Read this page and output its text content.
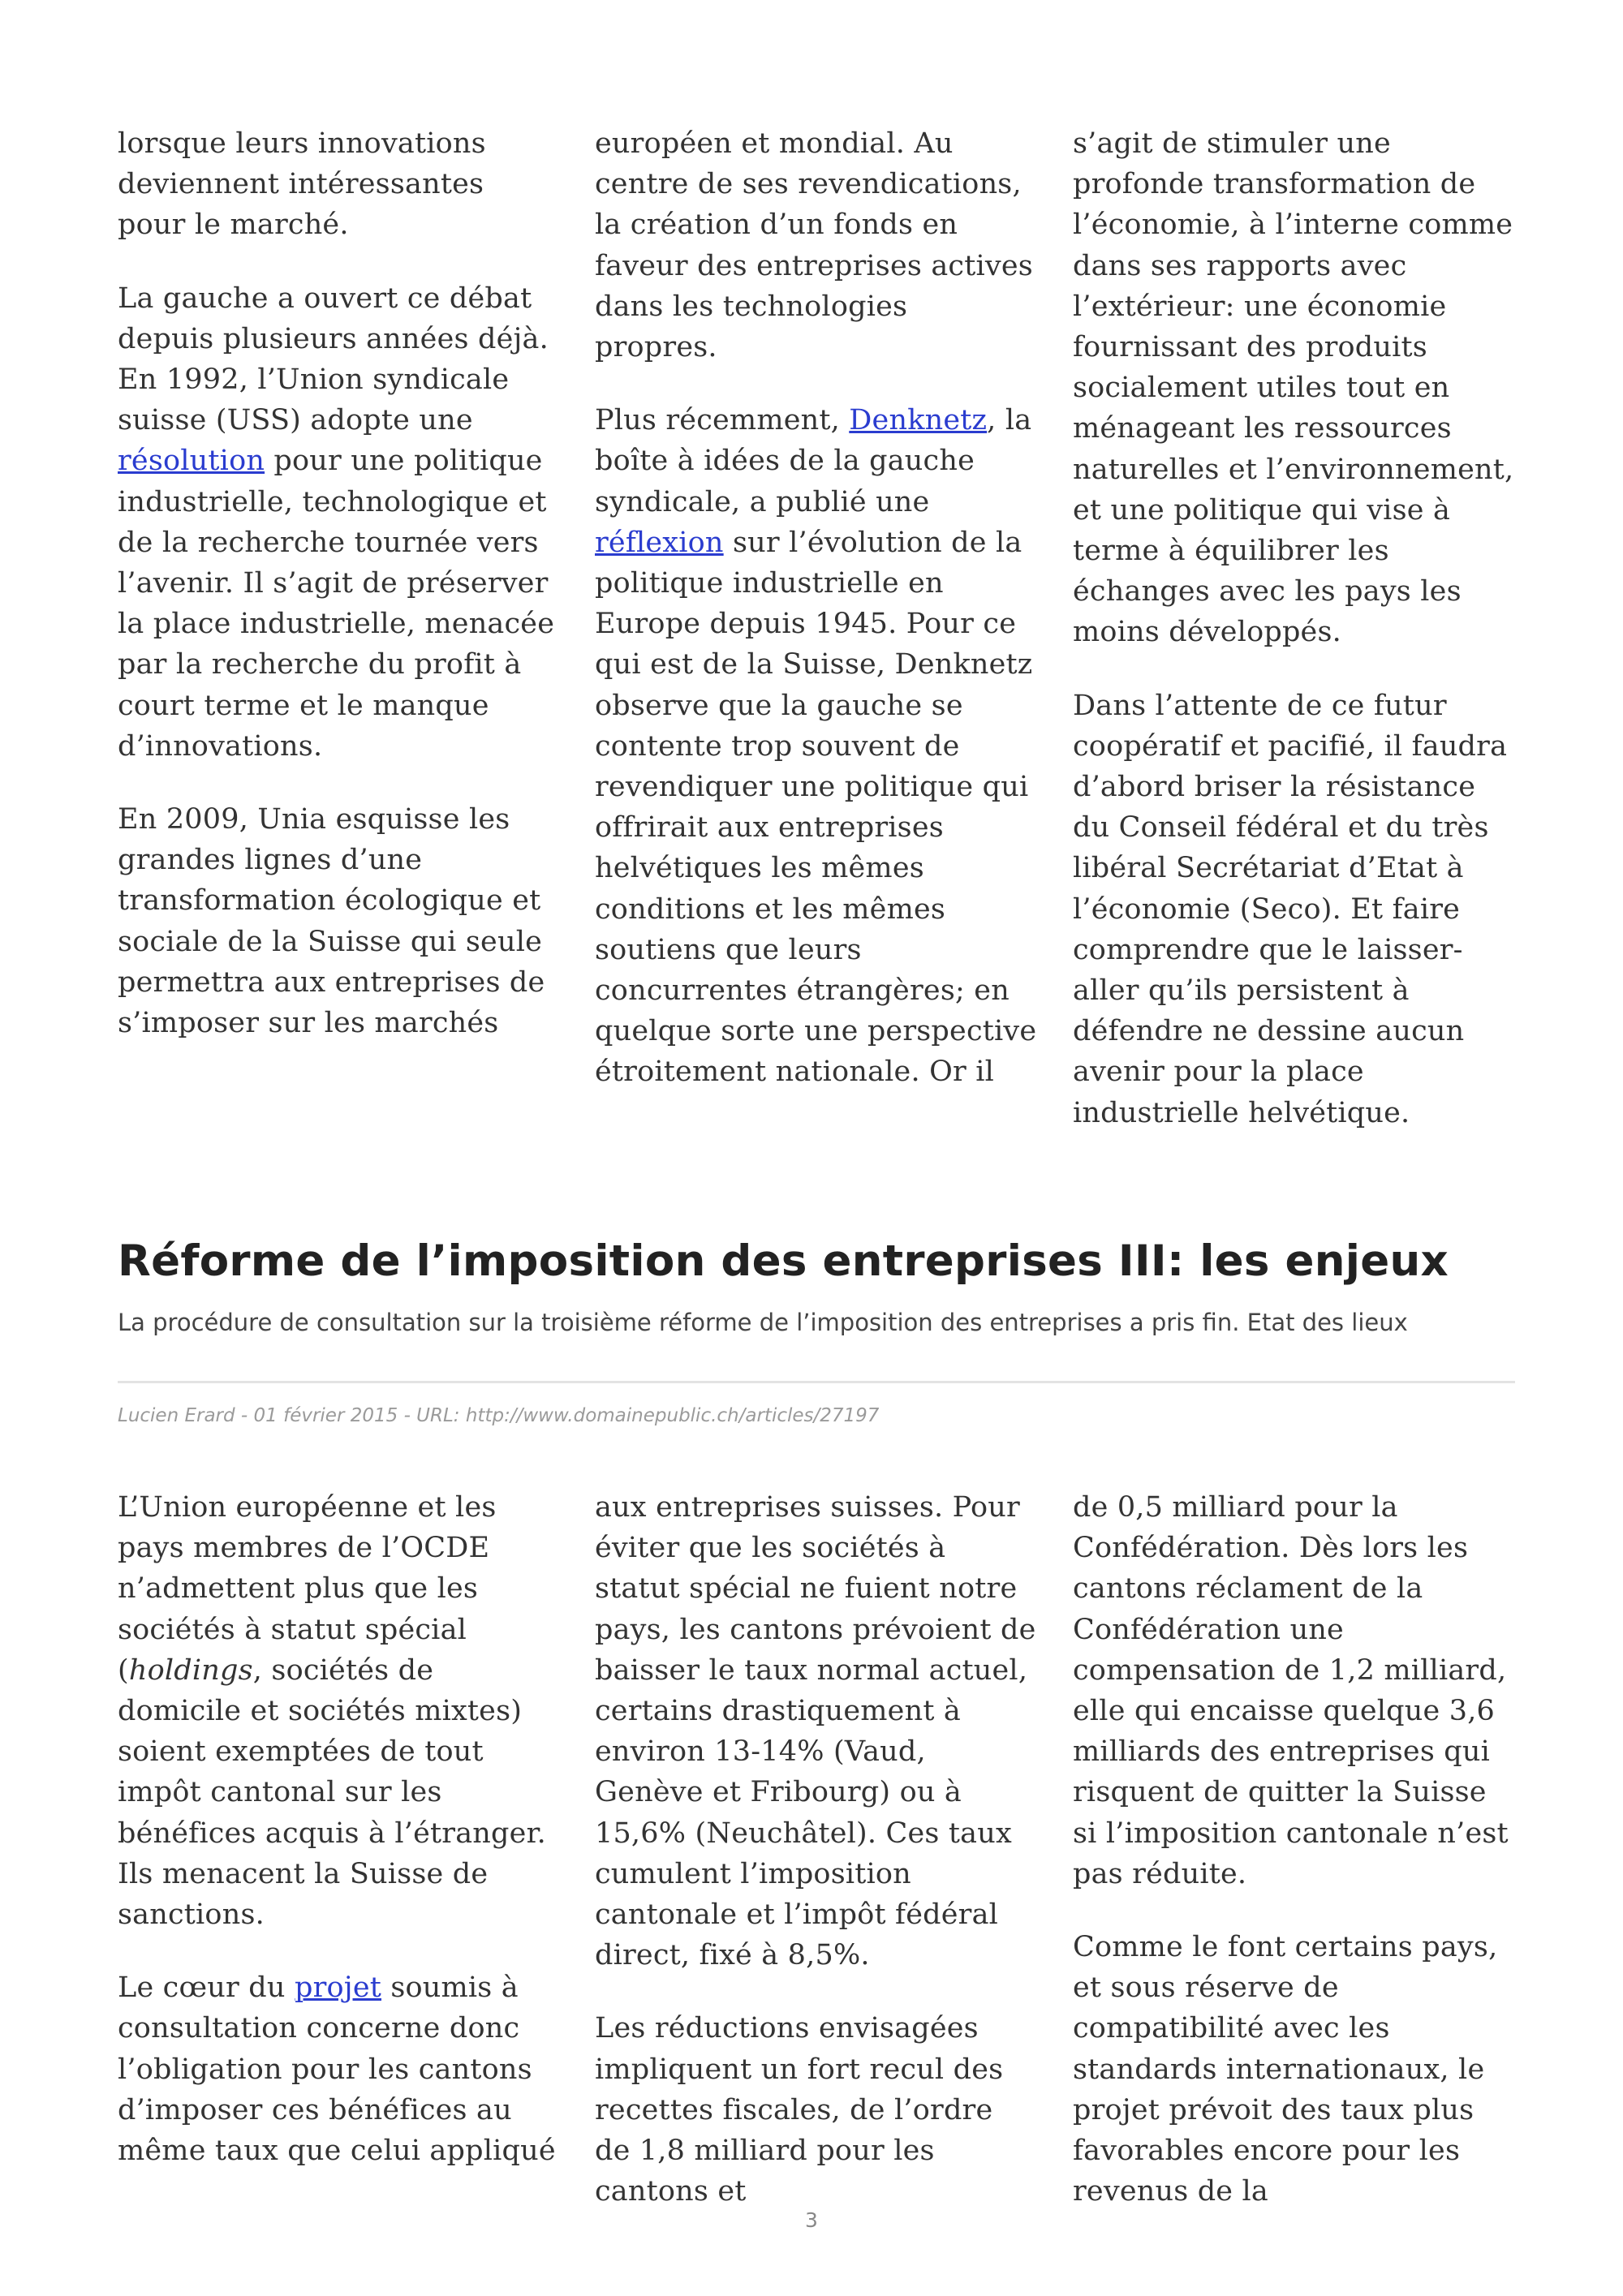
lorsque leurs innovations deviennent intéressantes pour le marché.

La gauche a ouvert ce débat depuis plusieurs années déjà. En 1992, l’Union syndicale suisse (USS) adopte une résolution pour une politique industrielle, technologique et de la recherche tournée vers l’avenir. Il s’agit de préserver la place industrielle, menacée par la recherche du profit à court terme et le manque d’innovations.

En 2009, Unia esquisse les grandes lignes d’une transformation écologique et sociale de la Suisse qui seule permettra aux entreprises de s’imposer sur les marchés

européen et mondial. Au centre de ses revendications, la création d’un fonds en faveur des entreprises actives dans les technologies propres.

Plus récemment, Denknetz, la boîte à idées de la gauche syndicale, a publié une réflexion sur l’évolution de la politique industrielle en Europe depuis 1945. Pour ce qui est de la Suisse, Denknetz observe que la gauche se contente trop souvent de revendiquer une politique qui offrirait aux entreprises helvétiques les mêmes conditions et les mêmes soutiens que leurs concurrentes étrangères; en quelque sorte une perspective étroitement nationale. Or il

s’agit de stimuler une profonde transformation de l’économie, à l’interne comme dans ses rapports avec l’extérieur: une économie fournissant des produits socialement utiles tout en ménageant les ressources naturelles et l’environnement, et une politique qui vise à terme à équilibrer les échanges avec les pays les moins développés.

Dans l’attente de ce futur coopératif et pacifié, il faudra d’abord briser la résistance du Conseil fédéral et du très libéral Secrétariat d’Etat à l’économie (Seco). Et faire comprendre que le laisser-aller qu’ils persistent à défendre ne dessine aucun avenir pour la place industrielle helvétique.

Réforme de l’imposition des entreprises III: les enjeux

La procédure de consultation sur la troisième réforme de l’imposition des entreprises a pris fin. Etat des lieux

Lucien Erard - 01 février 2015 - URL: http://www.domainepublic.ch/articles/27197

L’Union européenne et les pays membres de l’OCDE n’admettent plus que les sociétés à statut spécial (holdings, sociétés de domicile et sociétés mixtes) soient exemptées de tout impôt cantonal sur les bénéfices acquis à l’étranger. Ils menacent la Suisse de sanctions.

Le cœur du projet soumis à consultation concerne donc l’obligation pour les cantons d’imposer ces bénéfices au même taux que celui appliqué

aux entreprises suisses. Pour éviter que les sociétés à statut spécial ne fuient notre pays, les cantons prévoient de baisser le taux normal actuel, certains drastiquement à environ 13-14% (Vaud, Genève et Fribourg) ou à 15,6% (Neuchâtel). Ces taux cumulent l’imposition cantonale et l’impôt fédéral direct, fixé à 8,5%.

Les réductions envisagées impliquent un fort recul des recettes fiscales, de l’ordre de 1,8 milliard pour les cantons et

de 0,5 milliard pour la Confédération. Dès lors les cantons réclament de la Confédération une compensation de 1,2 milliard, elle qui encaisse quelque 3,6 milliards des entreprises qui risquent de quitter la Suisse si l’imposition cantonale n’est pas réduite.

Comme le font certains pays, et sous réserve de compatibilité avec les standards internationaux, le projet prévoit des taux plus favorables encore pour les revenus de la

3
